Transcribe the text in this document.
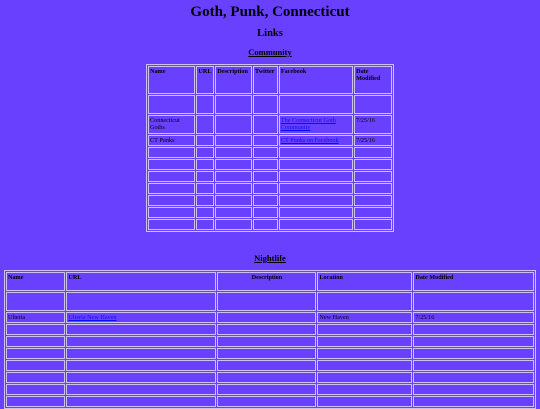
Goth, Punk, Connecticut
Links
Community
Name	URL	Description	Twitter	Facebook	Date Modified

Connecticut Goths				The Connecticut Goth Community	7/25/16
CT Punks				CT Punks on Facebook	7/25/16

Nightlife
Name	URL	Description	Location	Date Modified

Ulteria	Ulteria New Haven		New Haven	7/25/16
